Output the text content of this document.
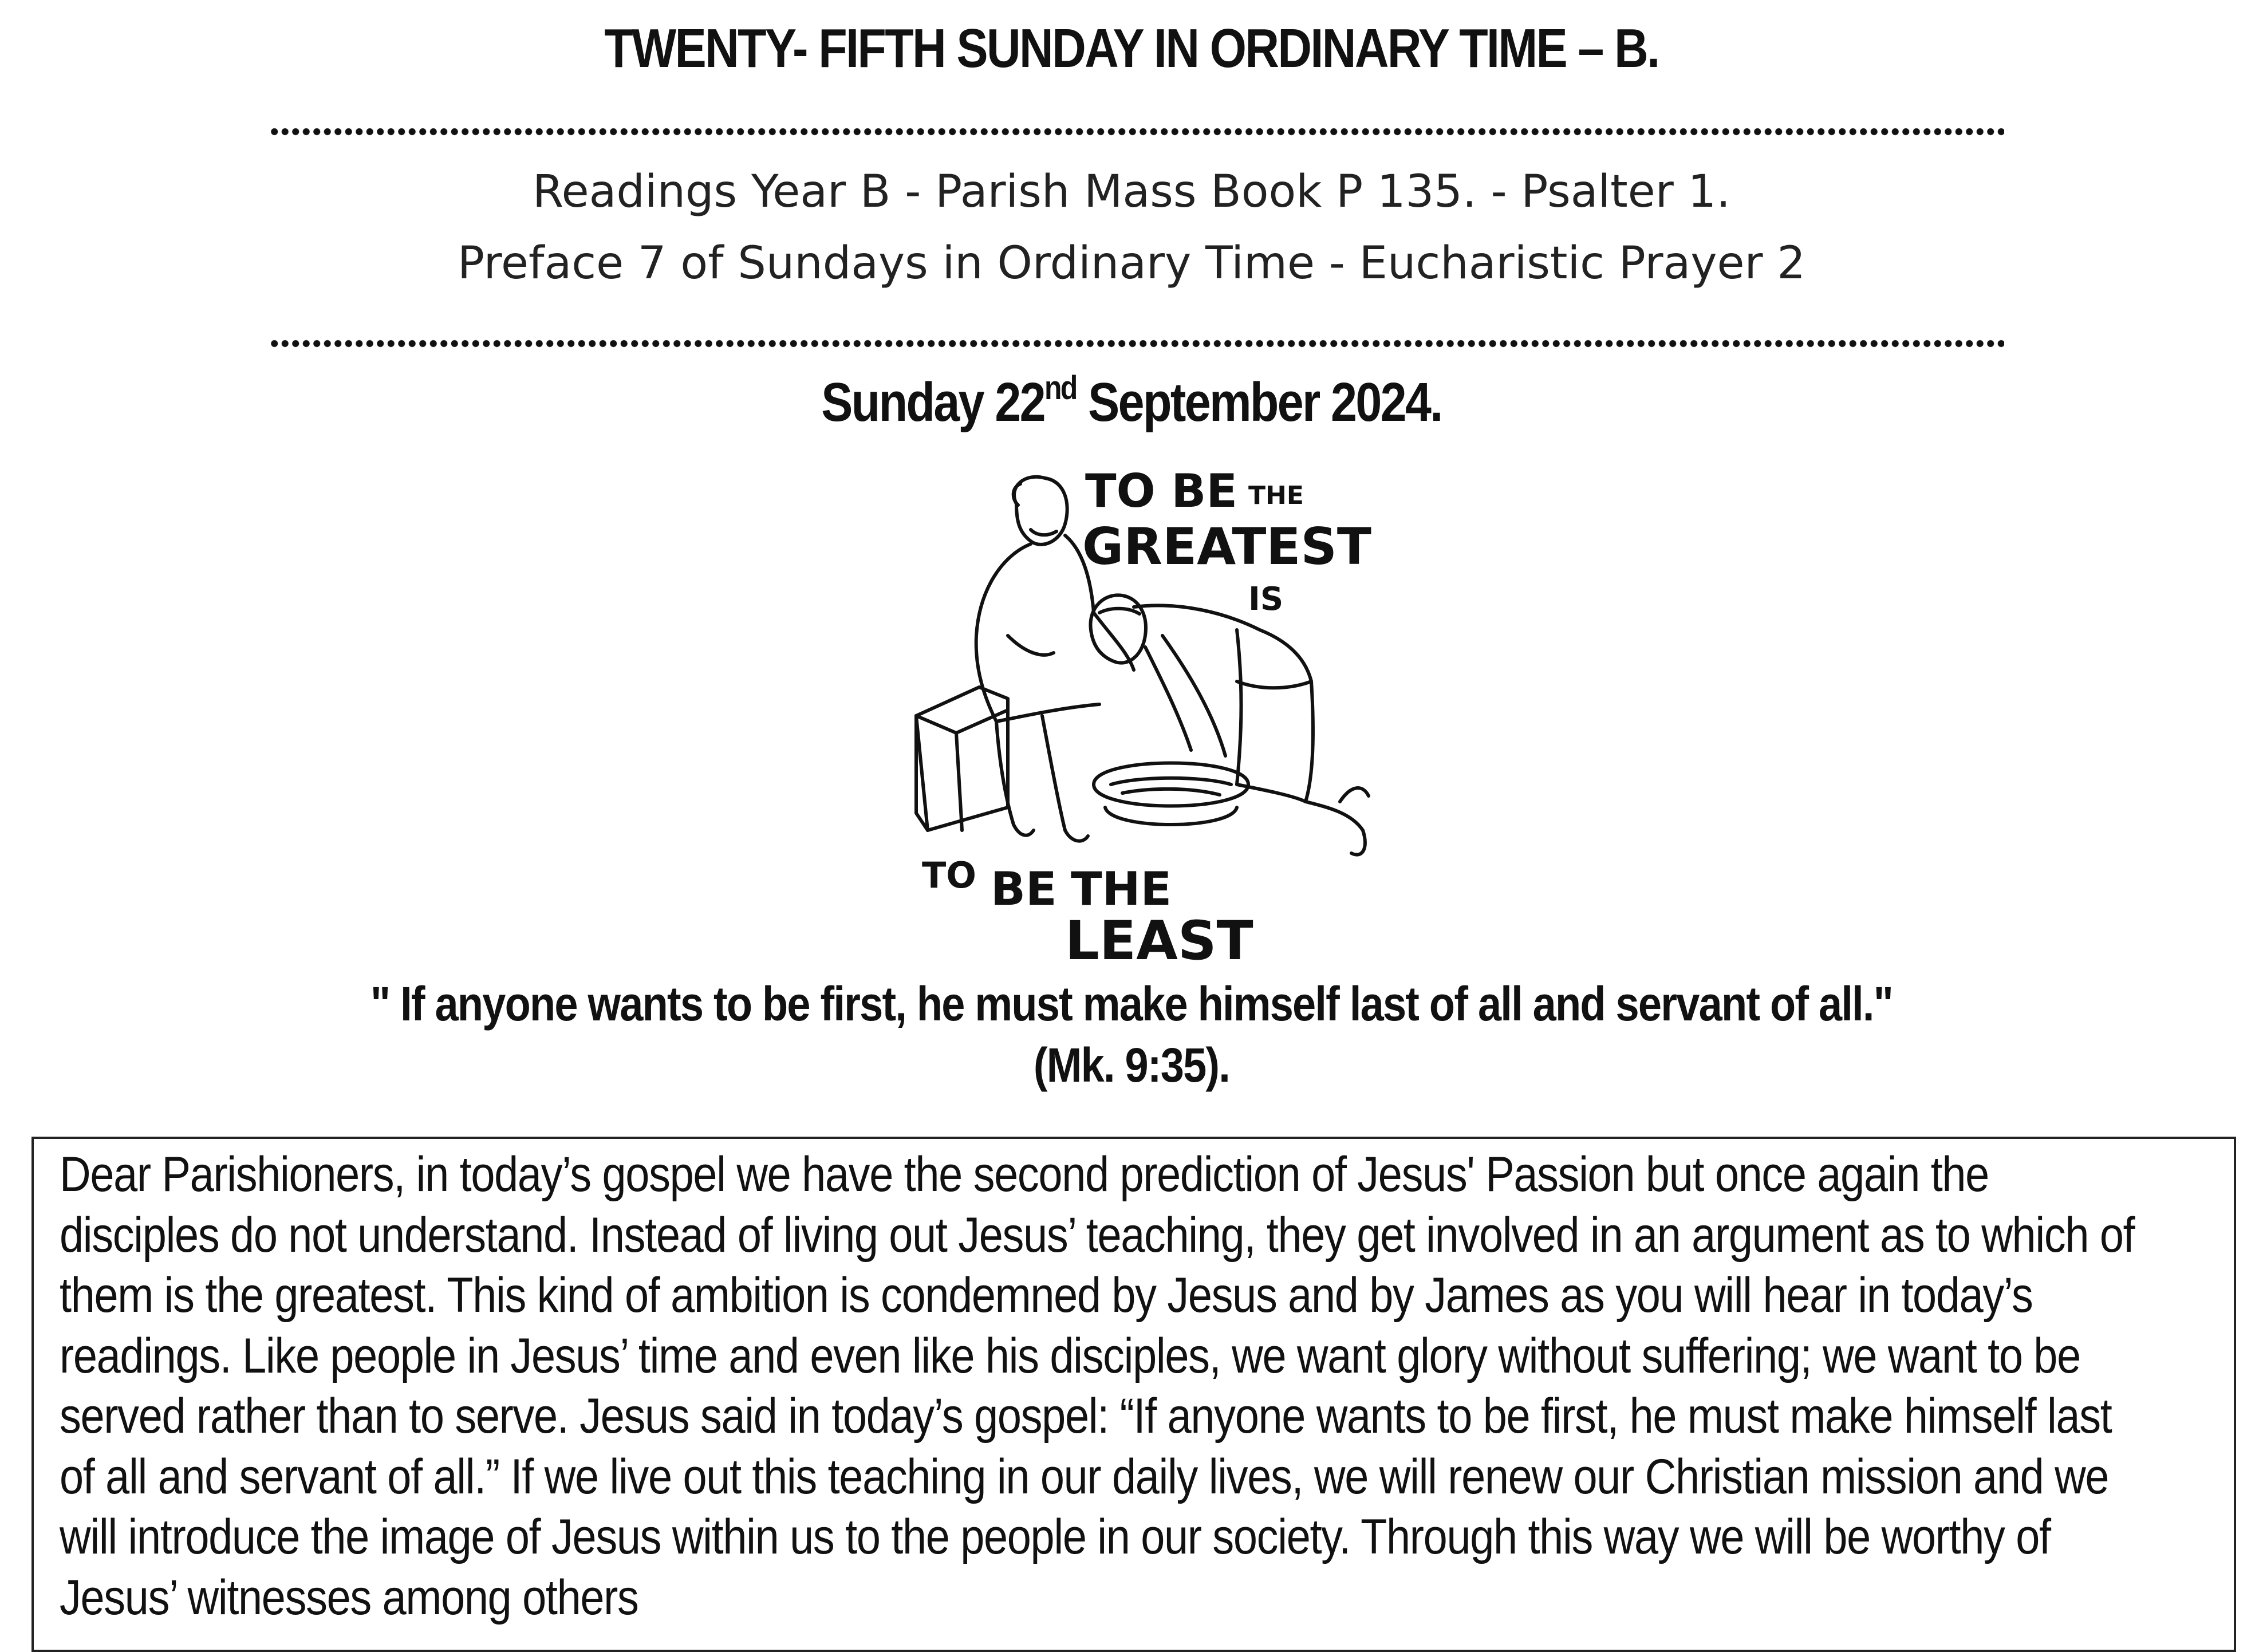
TWENTY- FIFTH SUNDAY IN ORDINARY TIME – B.
Readings Year B - Parish Mass Book P 135. - Psalter 1.
Preface 7 of Sundays in Ordinary Time - Eucharistic Prayer 2
Sunday 22nd September 2024.
TO BE THE
GREATEST
IS
TO BE THE
LEAST
" If anyone wants to be first, he must make himself last of all and servant of all."
(Mk. 9:35).
Dear Parishioners, in today’s gospel we have the second prediction of Jesus' Passion but once again the
disciples do not understand. Instead of living out Jesus’ teaching, they get involved in an argument as to which of
them is the greatest. This kind of ambition is condemned by Jesus and by James as you will hear in today’s
readings. Like people in Jesus’ time and even like his disciples, we want glory without suffering; we want to be
served rather than to serve. Jesus said in today’s gospel: “If anyone wants to be first, he must make himself last
of all and servant of all.” If we live out this teaching in our daily lives, we will renew our Christian mission and we
will introduce the image of Jesus within us to the people in our society. Through this way we will be worthy of
Jesus’ witnesses among others
